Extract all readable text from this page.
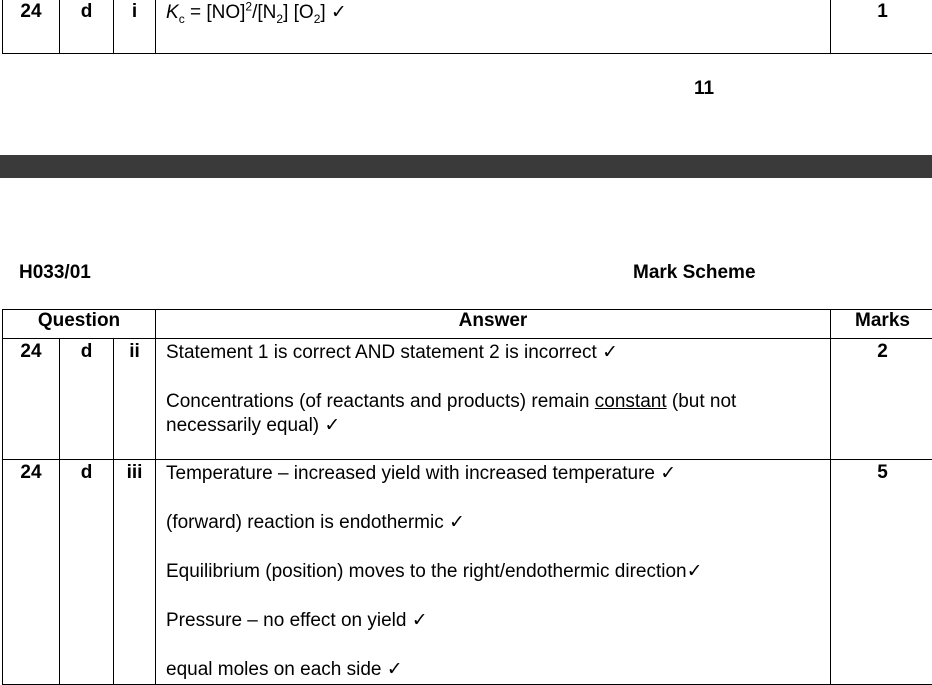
24	d	i	$K_c = [NO]^2/[N_2]$ $[O_2]$ ✓	1
11
H033/01	Mark Scheme
Question			Answer	Marks
24	d	ii	Statement 1 is correct AND statement 2 is incorrect ✓

Concentrations (of reactants and products) remain constant (but not necessarily equal) ✓	2
24	d	iii	Temperature – increased yield with increased temperature ✓

(forward) reaction is endothermic ✓

Equilibrium (position) moves to the right/endothermic direction✓

Pressure – no effect on yield ✓

equal moles on each side ✓	5
